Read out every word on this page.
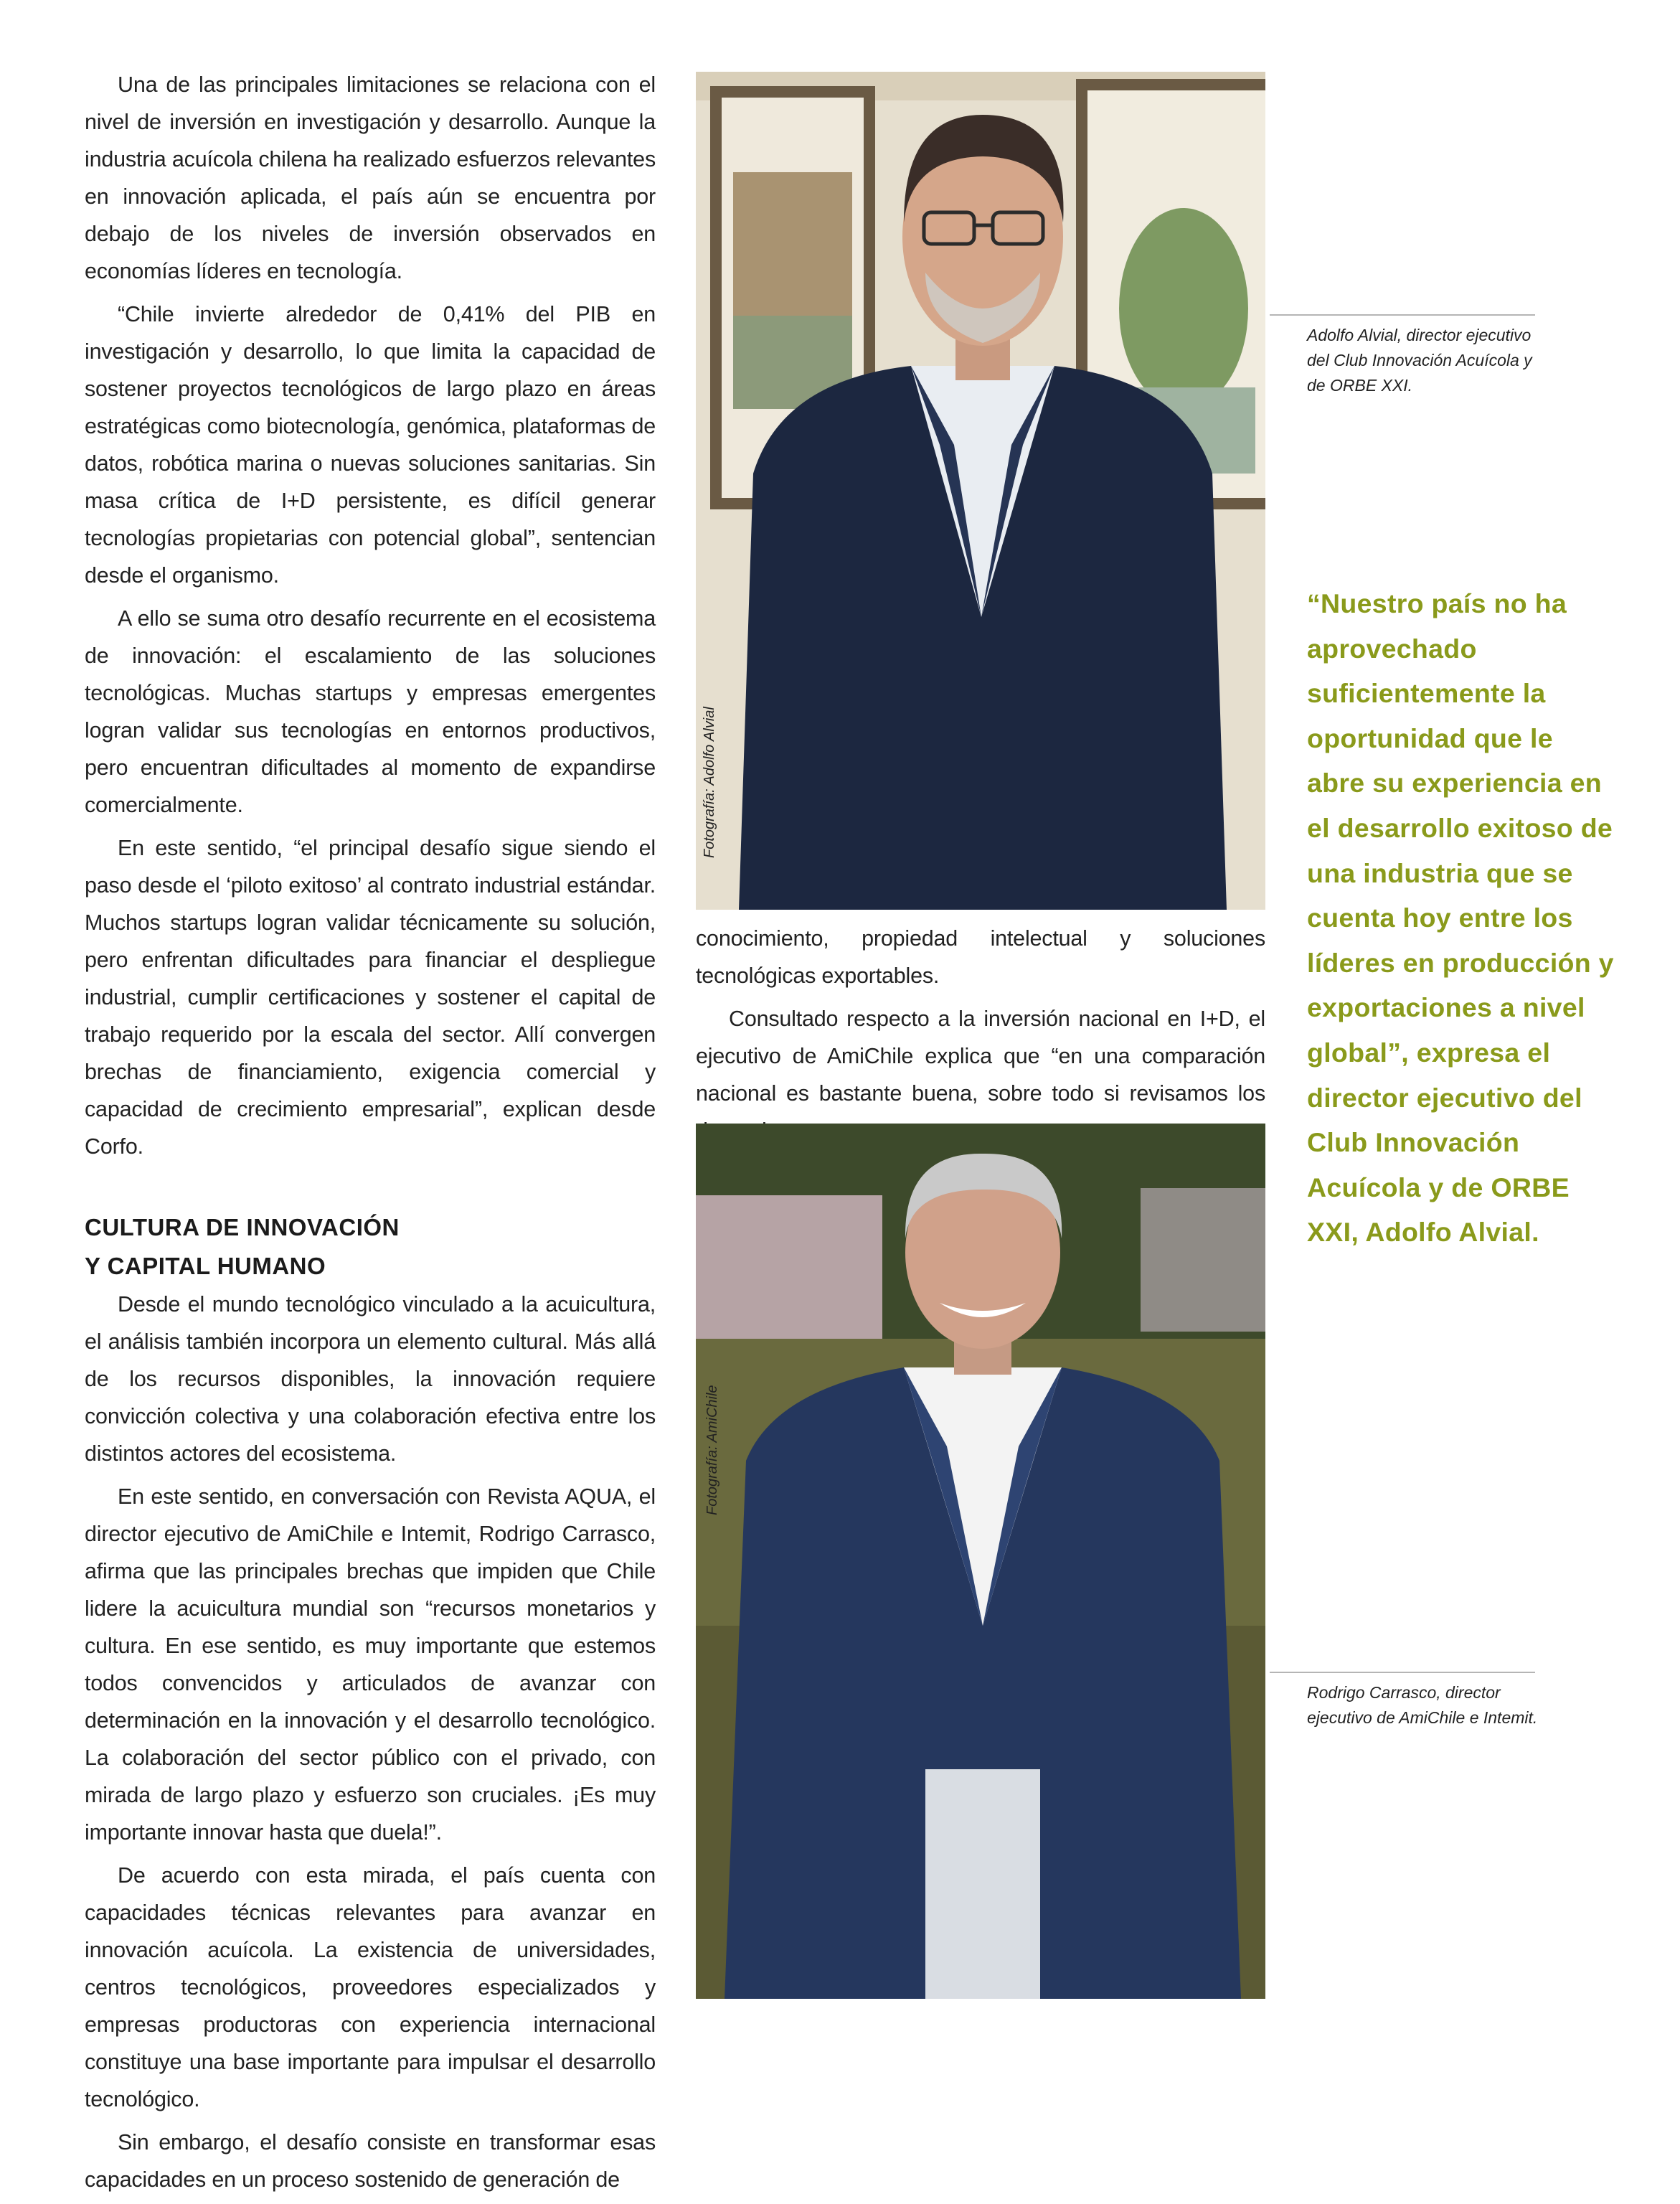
Una de las principales limitaciones se relaciona con el nivel de inversión en investigación y desarrollo. Aunque la industria acuícola chilena ha realizado esfuerzos relevantes en innovación aplicada, el país aún se encuentra por debajo de los niveles de inversión observados en economías líderes en tecnología.

“Chile invierte alrededor de 0,41% del PIB en investigación y desarrollo, lo que limita la capacidad de sostener proyectos tecnológicos de largo plazo en áreas estratégicas como biotecnología, genómica, plataformas de datos, robótica marina o nuevas soluciones sanitarias. Sin masa crítica de I+D persistente, es difícil generar tecnologías propietarias con potencial global”, sentencian desde el organismo.

A ello se suma otro desafío recurrente en el ecosistema de innovación: el escalamiento de las soluciones tecnológicas. Muchas startups y empresas emergentes logran validar sus tecnologías en entornos productivos, pero encuentran dificultades al momento de expandirse comercialmente.

En este sentido, “el principal desafío sigue siendo el paso desde el ‘piloto exitoso’ al contrato industrial estándar. Muchos startups logran validar técnicamente su solución, pero enfrentan dificultades para financiar el despliegue industrial, cumplir certificaciones y sostener el capital de trabajo requerido por la escala del sector. Allí convergen brechas de financiamiento, exigencia comercial y capacidad de crecimiento empresarial”, explican desde Corfo.

CULTURA DE INNOVACIÓN
Y CAPITAL HUMANO

Desde el mundo tecnológico vinculado a la acuicultura, el análisis también incorpora un elemento cultural. Más allá de los recursos disponibles, la innovación requiere convicción colectiva y una colaboración efectiva entre los distintos actores del ecosistema.

En este sentido, en conversación con Revista AQUA, el director ejecutivo de AmiChile e Intemit, Rodrigo Carrasco, afirma que las principales brechas que impiden que Chile lidere la acuicultura mundial son “recursos monetarios y cultura. En ese sentido, es muy importante que estemos todos convencidos y articulados de avanzar con determinación en la innovación y el desarrollo tecnológico. La colaboración del sector público con el privado, con mirada de largo plazo y esfuerzo son cruciales. ¡Es muy importante innovar hasta que duela!”.

De acuerdo con esta mirada, el país cuenta con capacidades técnicas relevantes para avanzar en innovación acuícola. La existencia de universidades, centros tecnológicos, proveedores especializados y empresas productoras con experiencia internacional constituye una base importante para impulsar el desarrollo tecnológico.

Sin embargo, el desafío consiste en transformar esas capacidades en un proceso sostenido de generación de

Fotografía: Adolfo Alvial
Adolfo Alvial, director ejecutivo del Club Innovación Acuícola y de ORBE XXI.

conocimiento, propiedad intelectual y soluciones tecnológicas exportables.

Consultado respecto a la inversión nacional en I+D, el ejecutivo de AmiChile explica que “en una comparación nacional es bastante buena, sobre todo si revisamos los

Fotografía: AmiChile
Rodrigo Carrasco, director ejecutivo de AmiChile e Intemit.
“Nuestro país no ha aprovechado suficientemente la oportunidad que le abre su experiencia en el desarrollo exitoso de una industria que se cuenta hoy entre los líderes en producción y exportaciones a nivel global”, expresa el director ejecutivo del Club Innovación Acuícola y de ORBE XXI, Adolfo Alvial.
